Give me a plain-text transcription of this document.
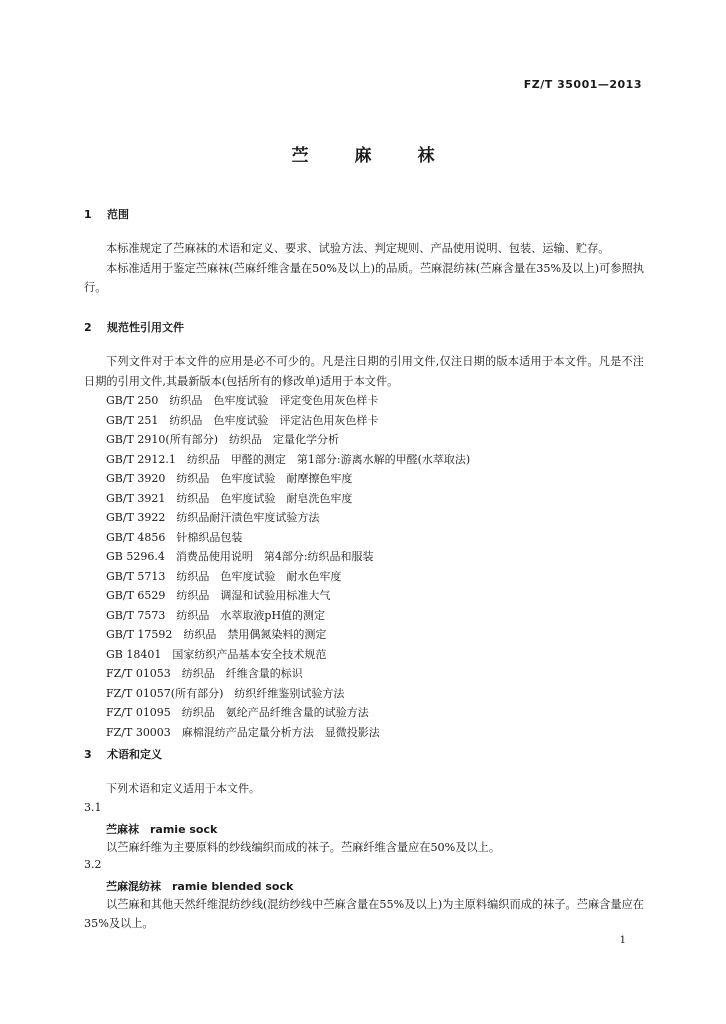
FZ/T 35001—2013
苎	麻	袜
1 范围

本标准规定了苎麻袜的术语和定义、要求、试验方法、判定规则、产品使用说明、包装、运输、贮存。

本标准适用于鉴定苎麻袜(苎麻纤维含量在50%及以上)的品质。苎麻混纺袜(苎麻含量在35%及以上)可参照执行。

2 规范性引用文件

下列文件对于本文件的应用是必不可少的。凡是注日期的引用文件,仅注日期的版本适用于本文件。凡是不注日期的引用文件,其最新版本(包括所有的修改单)适用于本文件。

GB/T 250　纺织品　色牢度试验　评定变色用灰色样卡
GB/T 251　纺织品　色牢度试验　评定沾色用灰色样卡
GB/T 2910(所有部分)　纺织品　定量化学分析
GB/T 2912.1　纺织品　甲醛的测定　第1部分:游离水解的甲醛(水萃取法)
GB/T 3920　纺织品　色牢度试验　耐摩擦色牢度
GB/T 3921　纺织品　色牢度试验　耐皂洗色牢度
GB/T 3922　纺织品耐汗渍色牢度试验方法
GB/T 4856　针棉织品包装
GB 5296.4　消费品使用说明　第4部分:纺织品和服装
GB/T 5713　纺织品　色牢度试验　耐水色牢度
GB/T 6529　纺织品　调湿和试验用标准大气
GB/T 7573　纺织品　水萃取液pH值的测定
GB/T 17592　纺织品　禁用偶氮染料的测定
GB 18401　国家纺织产品基本安全技术规范
FZ/T 01053　纺织品　纤维含量的标识
FZ/T 01057(所有部分)　纺织纤维鉴别试验方法
FZ/T 01095　纺织品　氨纶产品纤维含量的试验方法
FZ/T 30003　麻棉混纺产品定量分析方法　显微投影法
3 术语和定义
下列术语和定义适用于本文件。
3.1
苎麻袜　 ramie sock

以苎麻纤维为主要原料的纱线编织而成的袜子。苎麻纤维含量应在50%及以上。

3.2
苎麻混纺袜　 ramie blended sock

以苎麻和其他天然纤维混纺纱线(混纺纱线中苎麻含量在55%及以上)为主原料编织而成的袜子。苎麻含量应在35%及以上。

1
